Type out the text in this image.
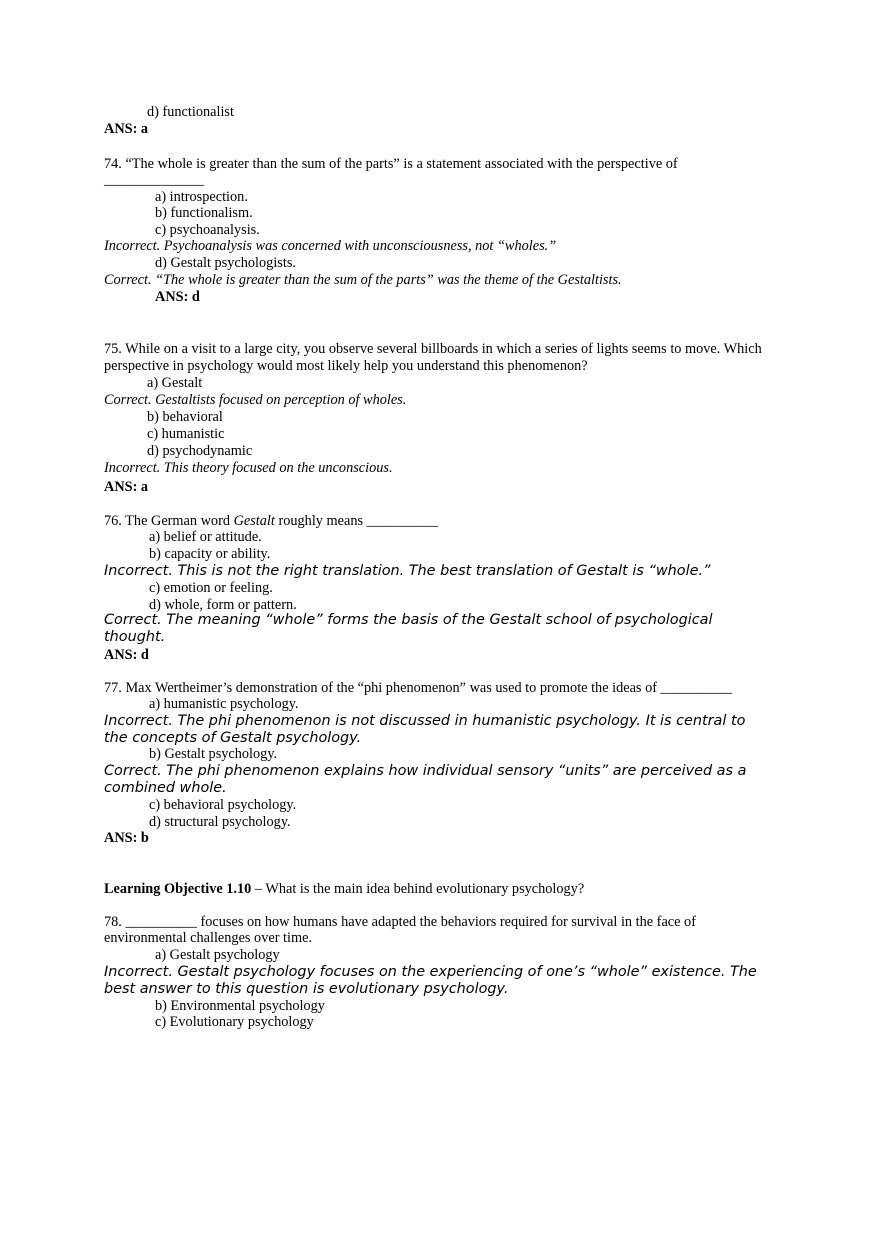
d) functionalist
ANS: a
74. “The whole is greater than the sum of the parts” is a statement associated with the perspective of
______________
a) introspection.
b) functionalism.
c) psychoanalysis.
Incorrect. Psychoanalysis was concerned with unconsciousness, not “wholes.”
d) Gestalt psychologists.
Correct. “The whole is greater than the sum of the parts” was the theme of the Gestaltists.
ANS: d
75. While on a visit to a large city, you observe several billboards in which a series of lights seems to move. Which
perspective in psychology would most likely help you understand this phenomenon?
a) Gestalt
Correct. Gestaltists focused on perception of wholes.
b) behavioral
c) humanistic
d) psychodynamic
Incorrect. This theory focused on the unconscious.
ANS: a
76. The German word Gestalt roughly means __________
a) belief or attitude.
b) capacity or ability.
Incorrect. This is not the right translation. The best translation of Gestalt is “whole.”
c) emotion or feeling.
d) whole, form or pattern.
Correct. The meaning “whole” forms the basis of the Gestalt school of psychological
thought.
ANS: d
77. Max Wertheimer’s demonstration of the “phi phenomenon” was used to promote the ideas of __________
a) humanistic psychology.
Incorrect. The phi phenomenon is not discussed in humanistic psychology. It is central to
the concepts of Gestalt psychology.
b) Gestalt psychology.
Correct. The phi phenomenon explains how individual sensory “units” are perceived as a
combined whole.
c) behavioral psychology.
d) structural psychology.
ANS: b
Learning Objective 1.10 – What is the main idea behind evolutionary psychology?
78. __________ focuses on how humans have adapted the behaviors required for survival in the face of
environmental challenges over time.
a) Gestalt psychology
Incorrect. Gestalt psychology focuses on the experiencing of one’s “whole” existence. The
best answer to this question is evolutionary psychology.
b) Environmental psychology
c) Evolutionary psychology
